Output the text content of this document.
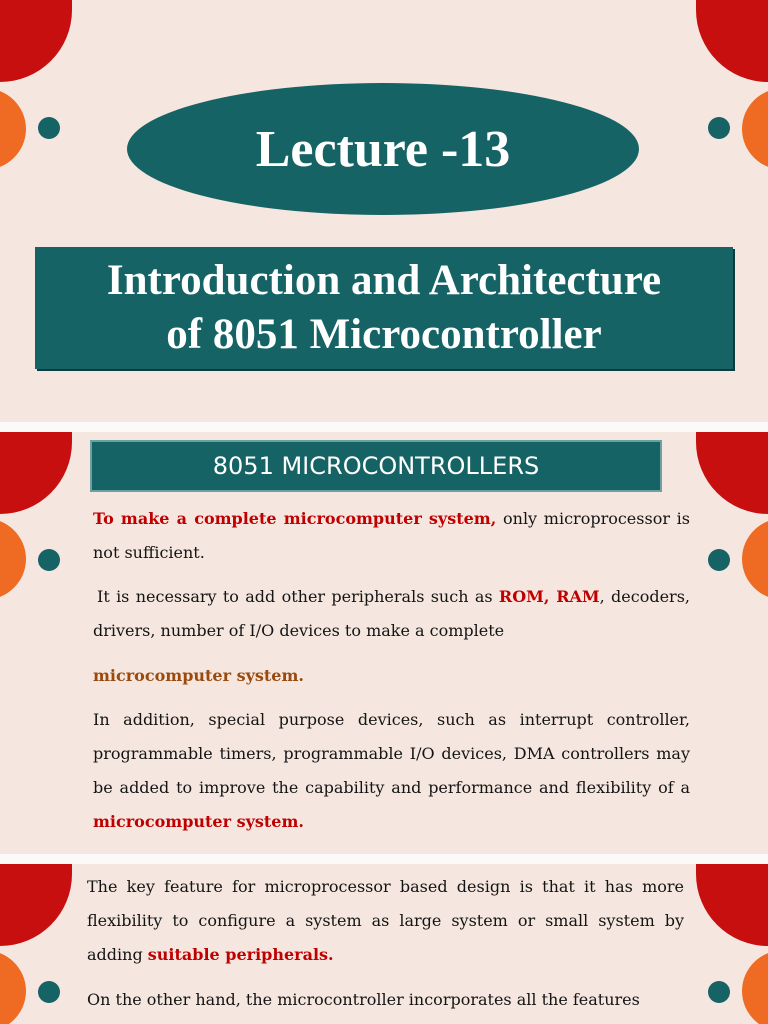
Lecture -13
Introduction and Architecture
of 8051 Microcontroller
8051 MICROCONTROLLERS
To make a complete microcomputer system, only microprocessor is not sufficient.
It is necessary to add other peripherals such as ROM, RAM, decoders, drivers, number of I/O devices to make a complete
microcomputer system.
In addition, special purpose devices, such as interrupt controller, programmable timers, programmable I/O devices, DMA controllers may be added to improve the capability and performance and flexibility of a microcomputer system.
The key feature for microprocessor based design is that it has more flexibility to configure a system as large system or small system by adding suitable peripherals.
On the other hand, the microcontroller incorporates all the features
